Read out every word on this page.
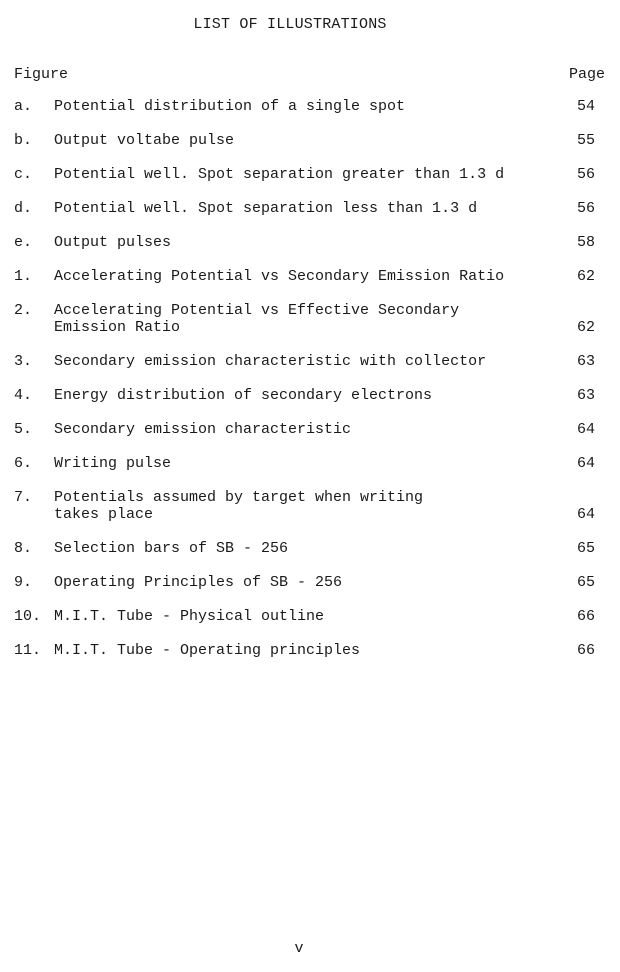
LIST OF ILLUSTRATIONS
Figure	Page
a.	Potential distribution of a single spot	54
b.	Output voltabe pulse	55
c.	Potential well. Spot separation greater than 1.3 d	56
d.	Potential well. Spot separation less than 1.3 d	56
e.	Output pulses	58
1.	Accelerating Potential vs Secondary Emission Ratio	62
2.	Accelerating Potential vs Effective Secondary
Emission Ratio	62
3.	Secondary emission characteristic with collector	63
4.	Energy distribution of secondary electrons	63
5.	Secondary emission characteristic	64
6.	Writing pulse	64
7.	Potentials assumed by target when writing
takes place	64
8.	Selection bars of SB - 256	65
9.	Operating Principles of SB - 256	65
10. M.I.T. Tube - Physical outline	66
11. M.I.T. Tube - Operating principles	66
v
